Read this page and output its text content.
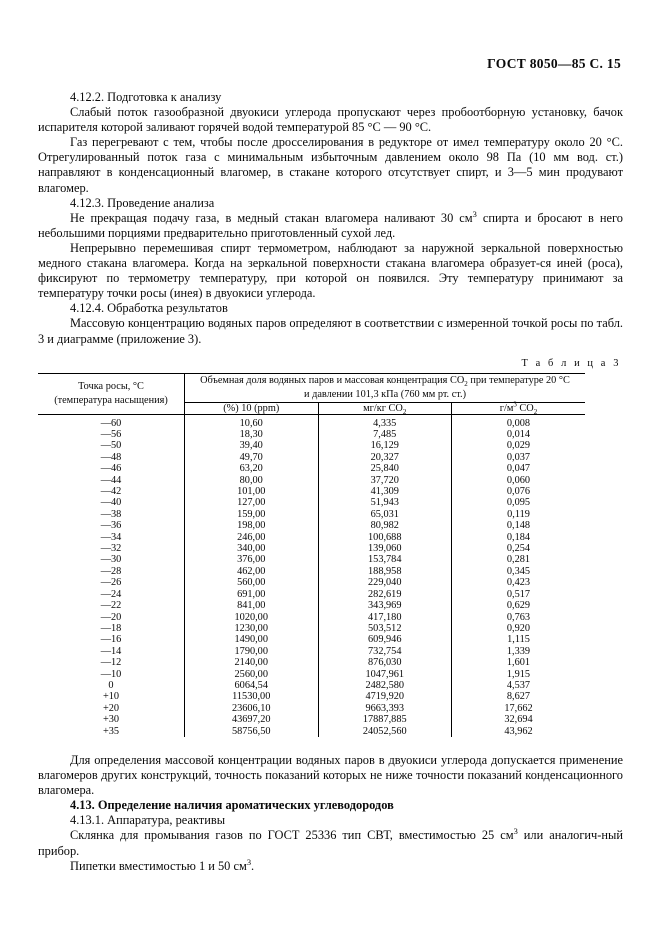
ГОСТ 8050—85 С. 15

4.12.2. Подготовка к анализу

Слабый поток газообразной двуокиси углерода пропускают через пробоотборную установку, бачок испарителя которой заливают горячей водой температурой 85 °С — 90 °С.

Газ перегревают с тем, чтобы после дросселирования в редукторе от имел температуру около 20 °С. Отрегулированный поток газа с минимальным избыточным давлением около 98 Па (10 мм вод. ст.) направляют в конденсационный влагомер, в стакане которого отсутствует спирт, и 3—5 мин продувают влагомер.

4.12.3. Проведение анализа

Не прекращая подачу газа, в медный стакан влагомера наливают 30 $см^3$ спирта и бросают в него небольшими порциями предварительно приготовленный сухой лед.

Непрерывно перемешивая спирт термометром, наблюдают за наружной зеркальной поверхностью медного стакана влагомера. Когда на зеркальной поверхности стакана влагомера образует-ся иней (роса), фиксируют по термометру температуру, при которой он появился. Эту температуру принимают за температуру точки росы (инея) в двуокиси углерода.

4.12.4. Обработка результатов

Массовую концентрацию водяных паров определяют в соответствии с измеренной точкой росы по табл. 3 и диаграмме (приложение 3).

Т а б л и ц а 3
Точка росы, °С
(температура насыщения)

Объемная доля водяных паров и массовая концентрация $CO_2$ при температуре 20 °С
и давлении 101,3 кПа (760 мм рт. ст.)

	(%) 10 (ppm)	мг/кг $CO_2$	$г/м^3$ $CO_2$
—60	10,60	4,335	0,008
—56	18,30	7,485	0,014
—50	39,40	16,129	0,029
—48	49,70	20,327	0,037
—46	63,20	25,840	0,047
—44	80,00	37,720	0,060
—42	101,00	41,309	0,076
—40	127,00	51,943	0,095
—38	159,00	65,031	0,119
—36	198,00	80,982	0,148
—34	246,00	100,688	0,184
—32	340,00	139,060	0,254
—30	376,00	153,784	0,281
—28	462,00	188,958	0,345
—26	560,00	229,040	0,423
—24	691,00	282,619	0,517
—22	841,00	343,969	0,629
—20	1020,00	417,180	0,763
—18	1230,00	503,512	0,920
—16	1490,00	609,946	1,115
—14	1790,00	732,754	1,339
—12	2140,00	876,030	1,601
—10	2560,00	1047,961	1,915
0	6064,54	2482,580	4,537
+10	11530,00	4719,920	8,627
+20	23606,10	9663,393	17,662
+30	43697,20	17887,885	32,694
+35	58756,50	24052,560	43,962

Для определения массовой концентрации водяных паров в двуокиси углерода допускается применение влагомеров других конструкций, точность показаний которых не ниже точности показаний конденсационного влагомера.

4.13. Определение наличия ароматических углеводородов

4.13.1. Аппаратура, реактивы

Склянка для промывания газов по ГОСТ 25336 тип СВТ, вместимостью 25 $см^3$ или аналогич-ный прибор.

Пипетки вместимостью 1 и 50 $см^3$.
